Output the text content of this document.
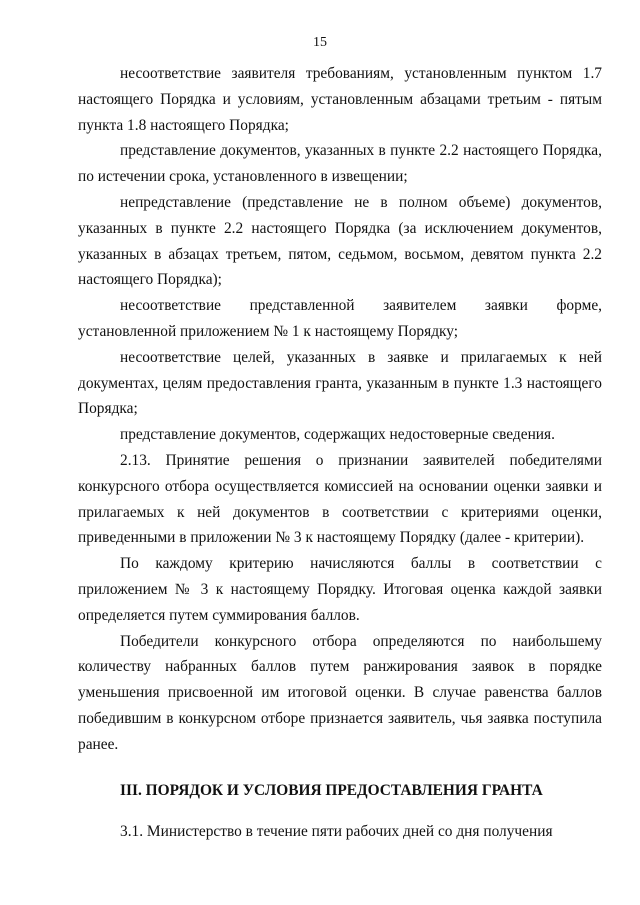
15

несоответствие заявителя требованиям, установленным пунктом 1.7 настоящего Порядка и условиям, установленным абзацами третьим - пятым пункта 1.8 настоящего Порядка;

представление документов, указанных в пункте 2.2 настоящего Порядка, по истечении срока, установленного в извещении;

непредставление (представление не в полном объеме) документов, указанных в пункте 2.2 настоящего Порядка (за исключением документов, указанных в абзацах третьем, пятом, седьмом, восьмом, девятом пункта 2.2 настоящего Порядка);

несоответствие представленной заявителем заявки форме, установленной приложением № 1 к настоящему Порядку;

несоответствие целей, указанных в заявке и прилагаемых к ней документах, целям предоставления гранта, указанным в пункте 1.3 настоящего Порядка;

представление документов, содержащих недостоверные сведения.

2.13. Принятие решения о признании заявителей победителями конкурсного отбора осуществляется комиссией на основании оценки заявки и прилагаемых к ней документов в соответствии с критериями оценки, приведенными в приложении № 3 к настоящему Порядку (далее - критерии).

По каждому критерию начисляются баллы в соответствии с приложением № 3 к настоящему Порядку. Итоговая оценка каждой заявки определяется путем суммирования баллов.

Победители конкурсного отбора определяются по наибольшему количеству набранных баллов путем ранжирования заявок в порядке уменьшения присвоенной им итоговой оценки. В случае равенства баллов победившим в конкурсном отборе признается заявитель, чья заявка поступила ранее.

III. ПОРЯДОК И УСЛОВИЯ ПРЕДОСТАВЛЕНИЯ ГРАНТА

3.1. Министерство в течение пяти рабочих дней со дня получения
